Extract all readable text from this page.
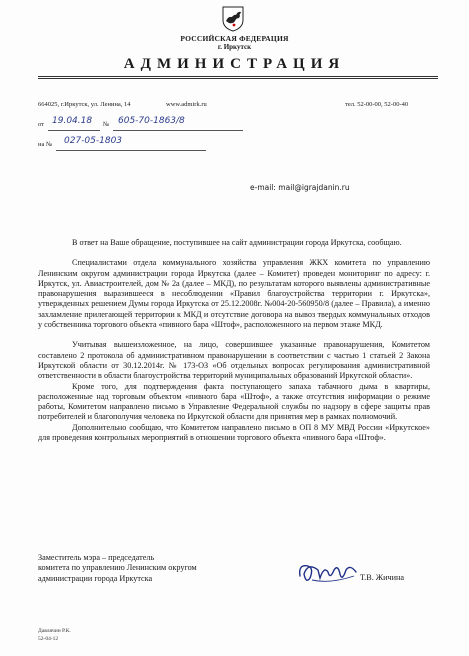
РОССИЙСКАЯ ФЕДЕРАЦИЯ
г. Иркутск
АДМИНИСТРАЦИЯ
664025, г.Иркутск, ул. Ленина, 14	www.admirk.ru	тел. 52-00-00, 52-00-40
от 19.04.18 № 605-70-1863/8
на № 027-05-1803
e-mail: mail@igrajdanin.ru

В ответ на Ваше обращение, поступившее на сайт администрации города Иркутска, сообщаю.

Специалистами отдела коммунального хозяйства управления ЖКХ комитета по управлению Ленинским округом администрации города Иркутска (далее – Комитет) проведен мониторинг по адресу: г. Иркутск, ул. Авиастроителей, дом № 2а (далее – МКД), по результатам которого выявлены административные правонарушения выразившееся в несоблюдении «Правил благоустройства территории г. Иркутска», утвержденных решением Думы города Иркутска от 25.12.2008г. №004-20-560950/8 (далее – Правила), а именно захламление прилегающей территории к МКД и отсутствие договора на вывоз твердых коммунальных отходов у собственника торгового объекта «пивного бара «Штоф», расположенного на первом этаже МКД.

Учитывая вышеизложенное, на лицо, совершившее указанные правонарушения, Комитетом составлено 2 протокола об административном правонарушении в соответствии с частью 1 статьей 2 Закона Иркутской области от 30.12.2014г. № 173-ОЗ «Об отдельных вопросах регулирования административной ответственности в области благоустройства территорий муниципальных образований Иркутской области».

Кроме того, для подтверждения факта поступающего запаха табачного дыма в квартиры, расположенные над торговым объектом «пивного бара «Штоф», а также отсутствия информации о режиме работы, Комитетом направлено письмо в Управление Федеральной службы по надзору в сфере защиты прав потребителей и благополучия человека по Иркутской области для принятия мер в рамках полномочий.

Дополнительно сообщаю, что Комитетом направлено письмо в ОП 8 МУ МВД России «Иркутское» для проведения контрольных мероприятий в отношении торгового объекта «пивного бара «Штоф».

Заместитель мэра – председатель
комитета по управлению Ленинским округом
администрации города Иркутска	Т.В. Жичина
Давлячин Р.К.
52-04-12
